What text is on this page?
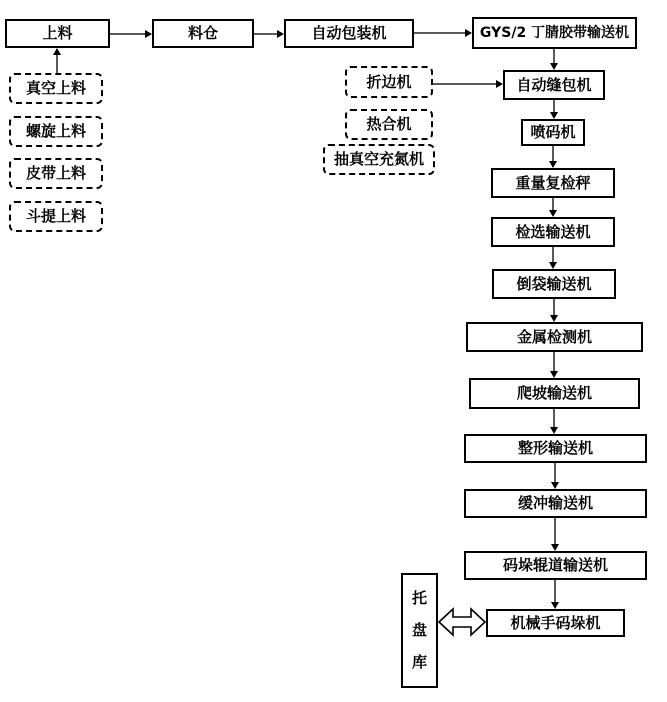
上料	料仓	自动包装机	GYS/2 丁腈胶带输送机
真空上料
螺旋上料
皮带上料
斗提上料
折边机
热合机
抽真空充氮机
自动缝包机
喷码机
重量复检秤
检选输送机
倒袋输送机
金属检测机
爬坡输送机
整形输送机
缓冲输送机
码垛辊道输送机
机械手码垛机
托
盘
库
